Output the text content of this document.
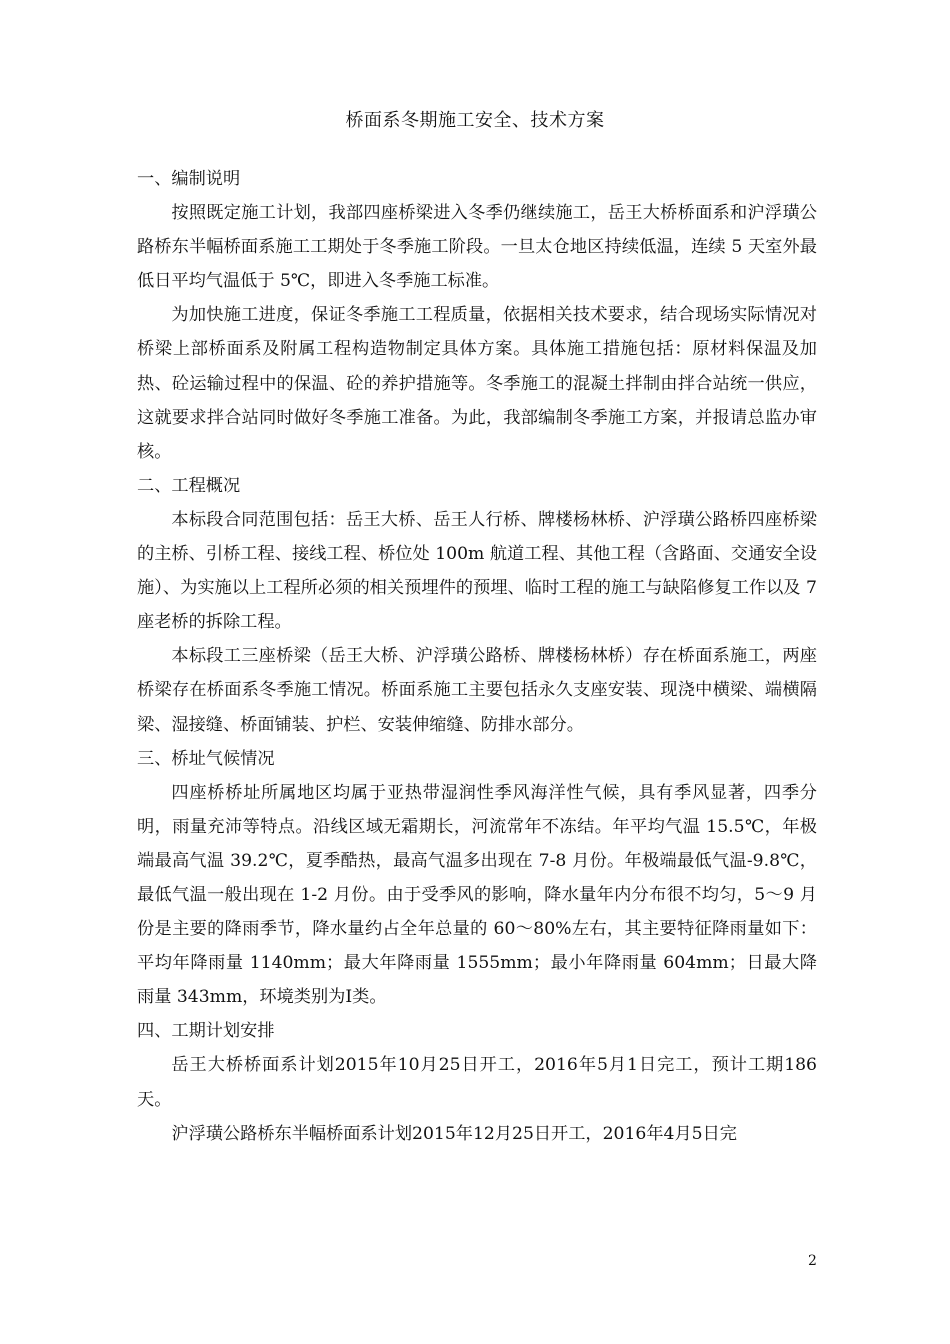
桥面系冬期施工安全、技术方案

一、编制说明

按照既定施工计划，我部四座桥梁进入冬季仍继续施工，岳王大桥桥面系和沪浮璜公路桥东半幅桥面系施工工期处于冬季施工阶段。一旦太仓地区持续低温，连续 5 天室外最低日平均气温低于 5℃，即进入冬季施工标准。

为加快施工进度，保证冬季施工工程质量，依据相关技术要求，结合现场实际情况对桥梁上部桥面系及附属工程构造物制定具体方案。具体施工措施包括：原材料保温及加热、砼运输过程中的保温、砼的养护措施等。冬季施工的混凝土拌制由拌合站统一供应，这就要求拌合站同时做好冬季施工准备。为此，我部编制冬季施工方案，并报请总监办审核。

二、工程概况

本标段合同范围包括：岳王大桥、岳王人行桥、牌楼杨林桥、沪浮璜公路桥四座桥梁的主桥、引桥工程、接线工程、桥位处 100m 航道工程、其他工程（含路面、交通安全设施）、为实施以上工程所必须的相关预埋件的预埋、临时工程的施工与缺陷修复工作以及 7 座老桥的拆除工程。

本标段工三座桥梁（岳王大桥、沪浮璜公路桥、牌楼杨林桥）存在桥面系施工，两座桥梁存在桥面系冬季施工情况。桥面系施工主要包括永久支座安装、现浇中横梁、端横隔梁、湿接缝、桥面铺装、护栏、安装伸缩缝、防排水部分。

三、桥址气候情况

四座桥桥址所属地区均属于亚热带湿润性季风海洋性气候，具有季风显著，四季分明，雨量充沛等特点。沿线区域无霜期长，河流常年不冻结。年平均气温 15.5℃，年极端最高气温 39.2℃，夏季酷热，最高气温多出现在 7-8 月份。年极端最低气温-9.8℃，最低气温一般出现在 1-2 月份。由于受季风的影响，降水量年内分布很不均匀，5～9 月份是主要的降雨季节，降水量约占全年总量的 60～80%左右，其主要特征降雨量如下：平均年降雨量 1140mm；最大年降雨量 1555mm；最小年降雨量 604mm；日最大降雨量 343mm，环境类别为Ⅰ类。

四、工期计划安排

岳王大桥桥面系计划2015年10月25日开工，2016年5月1日完工，预计工期186天。

沪浮璜公路桥东半幅桥面系计划2015年12月25日开工，2016年4月5日完

2
